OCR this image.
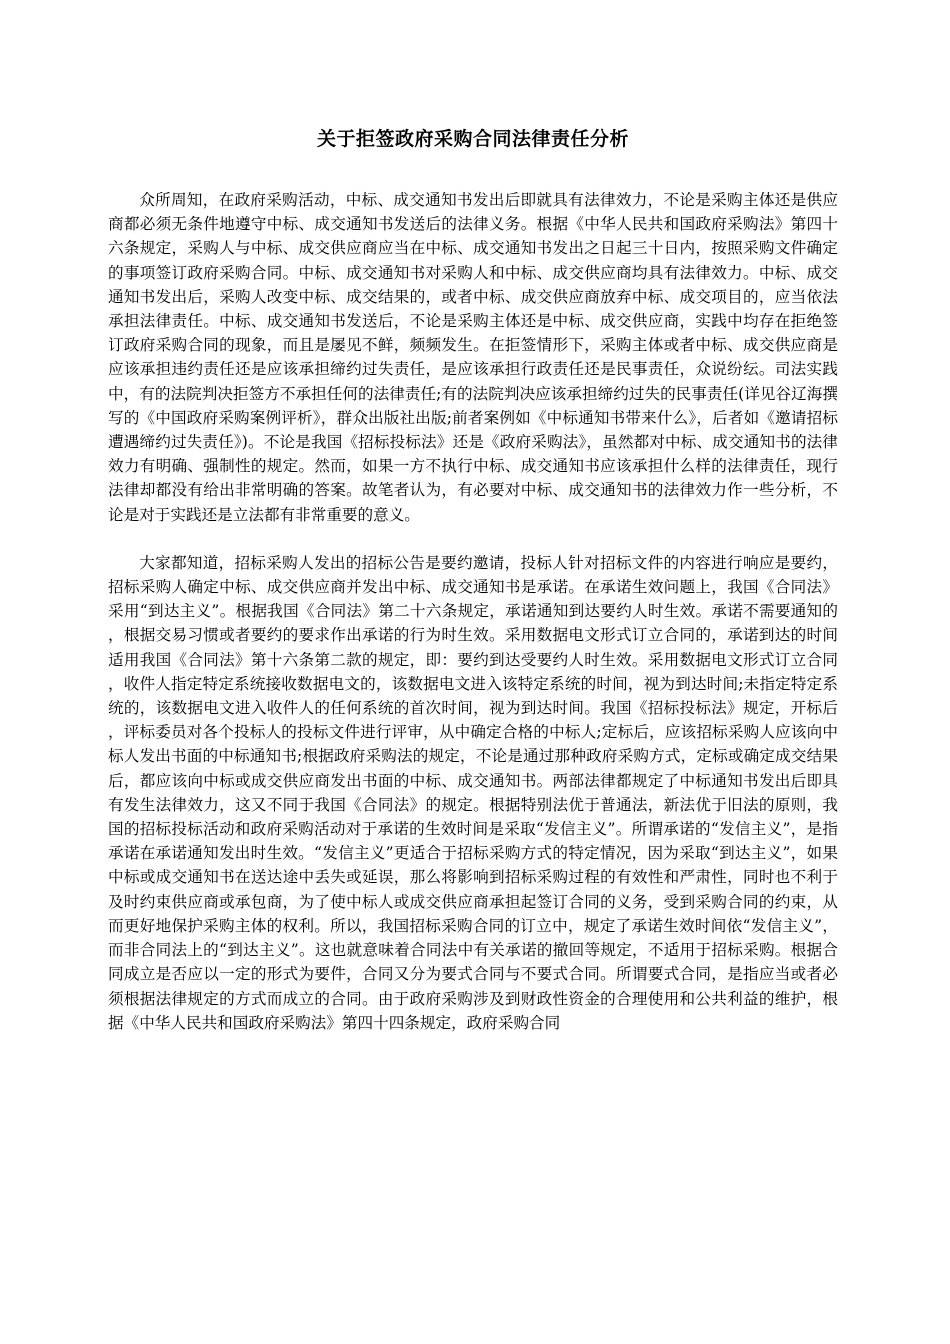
关于拒签政府采购合同法律责任分析

众所周知，在政府采购活动，中标、成交通知书发出后即就具有法律效力，不论是采购主体还是供应商都必须无条件地遵守中标、成交通知书发送后的法律义务。根据《中华人民共和国政府采购法》第四十六条规定，采购人与中标、成交供应商应当在中标、成交通知书发出之日起三十日内，按照采购文件确定的事项签订政府采购合同。中标、成交通知书对采购人和中标、成交供应商均具有法律效力。中标、成交通知书发出后，采购人改变中标、成交结果的，或者中标、成交供应商放弃中标、成交项目的，应当依法承担法律责任。中标、成交通知书发送后，不论是采购主体还是中标、成交供应商，实践中均存在拒绝签订政府采购合同的现象，而且是屡见不鲜，频频发生。在拒签情形下，采购主体或者中标、成交供应商是应该承担违约责任还是应该承担缔约过失责任，是应该承担行政责任还是民事责任，众说纷纭。司法实践中，有的法院判决拒签方不承担任何的法律责任;有的法院判决应该承担缔约过失的民事责任(详见谷辽海撰写的《中国政府采购案例评析》，群众出版社出版;前者案例如《中标通知书带来什么》，后者如《邀请招标遭遇缔约过失责任》)。不论是我国《招标投标法》还是《政府采购法》，虽然都对中标、成交通知书的法律效力有明确、强制性的规定。然而，如果一方不执行中标、成交通知书应该承担什么样的法律责任，现行法律却都没有给出非常明确的答案。故笔者认为，有必要对中标、成交通知书的法律效力作一些分析，不论是对于实践还是立法都有非常重要的意义。

大家都知道，招标采购人发出的招标公告是要约邀请，投标人针对招标文件的内容进行响应是要约，招标采购人确定中标、成交供应商并发出中标、成交通知书是承诺。在承诺生效问题上，我国《合同法》采用“到达主义”。根据我国《合同法》第二十六条规定，承诺通知到达要约人时生效。承诺不需要通知的，根据交易习惯或者要约的要求作出承诺的行为时生效。采用数据电文形式订立合同的，承诺到达的时间适用我国《合同法》第十六条第二款的规定，即：要约到达受要约人时生效。采用数据电文形式订立合同，收件人指定特定系统接收数据电文的，该数据电文进入该特定系统的时间，视为到达时间;未指定特定系统的，该数据电文进入收件人的任何系统的首次时间，视为到达时间。我国《招标投标法》规定，开标后，评标委员对各个投标人的投标文件进行评审，从中确定合格的中标人;定标后，应该招标采购人应该向中标人发出书面的中标通知书;根据政府采购法的规定，不论是通过那种政府采购方式，定标或确定成交结果后，都应该向中标或成交供应商发出书面的中标、成交通知书。两部法律都规定了中标通知书发出后即具有发生法律效力，这又不同于我国《合同法》的规定。根据特别法优于普通法，新法优于旧法的原则，我国的招标投标活动和政府采购活动对于承诺的生效时间是采取“发信主义”。所谓承诺的“发信主义”，是指承诺在承诺通知发出时生效。“发信主义”更适合于招标采购方式的特定情况，因为采取“到达主义”，如果中标或成交通知书在送达途中丢失或延误，那么将影响到招标采购过程的有效性和严肃性，同时也不利于及时约束供应商或承包商，为了使中标人或成交供应商承担起签订合同的义务，受到采购合同的约束，从而更好地保护采购主体的权利。所以，我国招标采购合同的订立中，规定了承诺生效时间依“发信主义”，而非合同法上的“到达主义”。这也就意味着合同法中有关承诺的撤回等规定，不适用于招标采购。根据合同成立是否应以一定的形式为要件，合同又分为要式合同与不要式合同。所谓要式合同，是指应当或者必须根据法律规定的方式而成立的合同。由于政府采购涉及到财政性资金的合理使用和公共利益的维护，根据《中华人民共和国政府采购法》第四十四条规定，政府采购合同
